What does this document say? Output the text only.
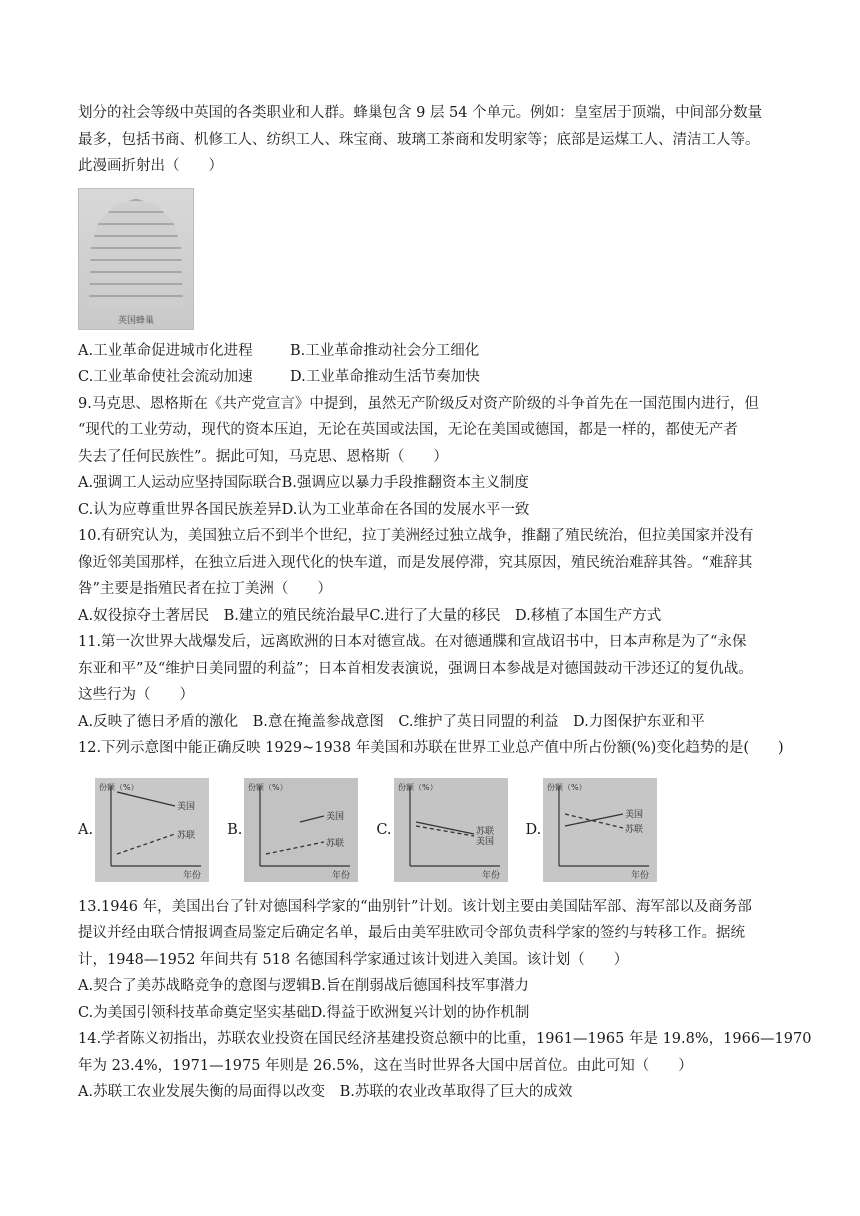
划分的社会等级中英国的各类职业和人群。蜂巢包含 9 层 54 个单元。例如：皇室居于顶端，中间部分数量
最多，包括书商、机修工人、纺织工人、珠宝商、玻璃工茶商和发明家等；底部是运煤工人、清洁工人等。
此漫画折射出（　　）
英国蜂巢
A.工业革命促进城市化进程	B.工业革命推动社会分工细化
C.工业革命使社会流动加速	D.工业革命推动生活节奏加快
9.马克思、恩格斯在《共产党宣言》中提到，虽然无产阶级反对资产阶级的斗争首先在一国范围内进行，但
“现代的工业劳动，现代的资本压迫，无论在英国或法国，无论在美国或德国，都是一样的，都使无产者
失去了任何民族性”。据此可知，马克思、恩格斯（　　）
A.强调工人运动应坚持国际联合B.强调应以暴力手段推翻资本主义制度
C.认为应尊重世界各国民族差异D.认为工业革命在各国的发展水平一致
10.有研究认为，美国独立后不到半个世纪，拉丁美洲经过独立战争，推翻了殖民统治，但拉美国家并没有
像近邻美国那样，在独立后进入现代化的快车道，而是发展停滞，究其原因，殖民统治难辞其咎。“难辞其
咎”主要是指殖民者在拉丁美洲（　　）
A.奴役掠夺土著居民　B.建立的殖民统治最早C.进行了大量的移民　D.移植了本国生产方式
11.第一次世界大战爆发后，远离欧洲的日本对德宣战。在对德通牒和宣战诏书中，日本声称是为了“永保
东亚和平”及“维护日美同盟的利益”；日本首相发表演说，强调日本参战是对德国鼓动干涉还辽的复仇战。
这些行为（　　）
A.反映了德日矛盾的激化　B.意在掩盖参战意图　C.维护了英日同盟的利益　D.力图保护东亚和平
12.下列示意图中能正确反映 1929~1938 年美国和苏联在世界工业总产值中所占份额(%)变化趋势的是(　　)
A.
份额（%）
年份
美国
苏联 B.
份额（%）
年份
美国
苏联
C.
份额（%）
年份
美国
苏联 D.
份额（%）
年份
美国
苏联
13.1946 年，美国出台了针对德国科学家的“曲别针”计划。该计划主要由美国陆军部、海军部以及商务部
提议并经由联合情报调查局鉴定后确定名单，最后由美军驻欧司令部负责科学家的签约与转移工作。据统
计，1948—1952 年间共有 518 名德国科学家通过该计划进入美国。该计划（　　）
A.契合了美苏战略竞争的意图与逻辑B.旨在削弱战后德国科技军事潜力
C.为美国引领科技革命奠定坚实基础D.得益于欧洲复兴计划的协作机制
14.学者陈义初指出，苏联农业投资在国民经济基建投资总额中的比重，1961—1965 年是 19.8%，1966—1970
年为 23.4%，1971—1975 年则是 26.5%，这在当时世界各大国中居首位。由此可知（　　）
A.苏联工农业发展失衡的局面得以改变　B.苏联的农业改革取得了巨大的成效
